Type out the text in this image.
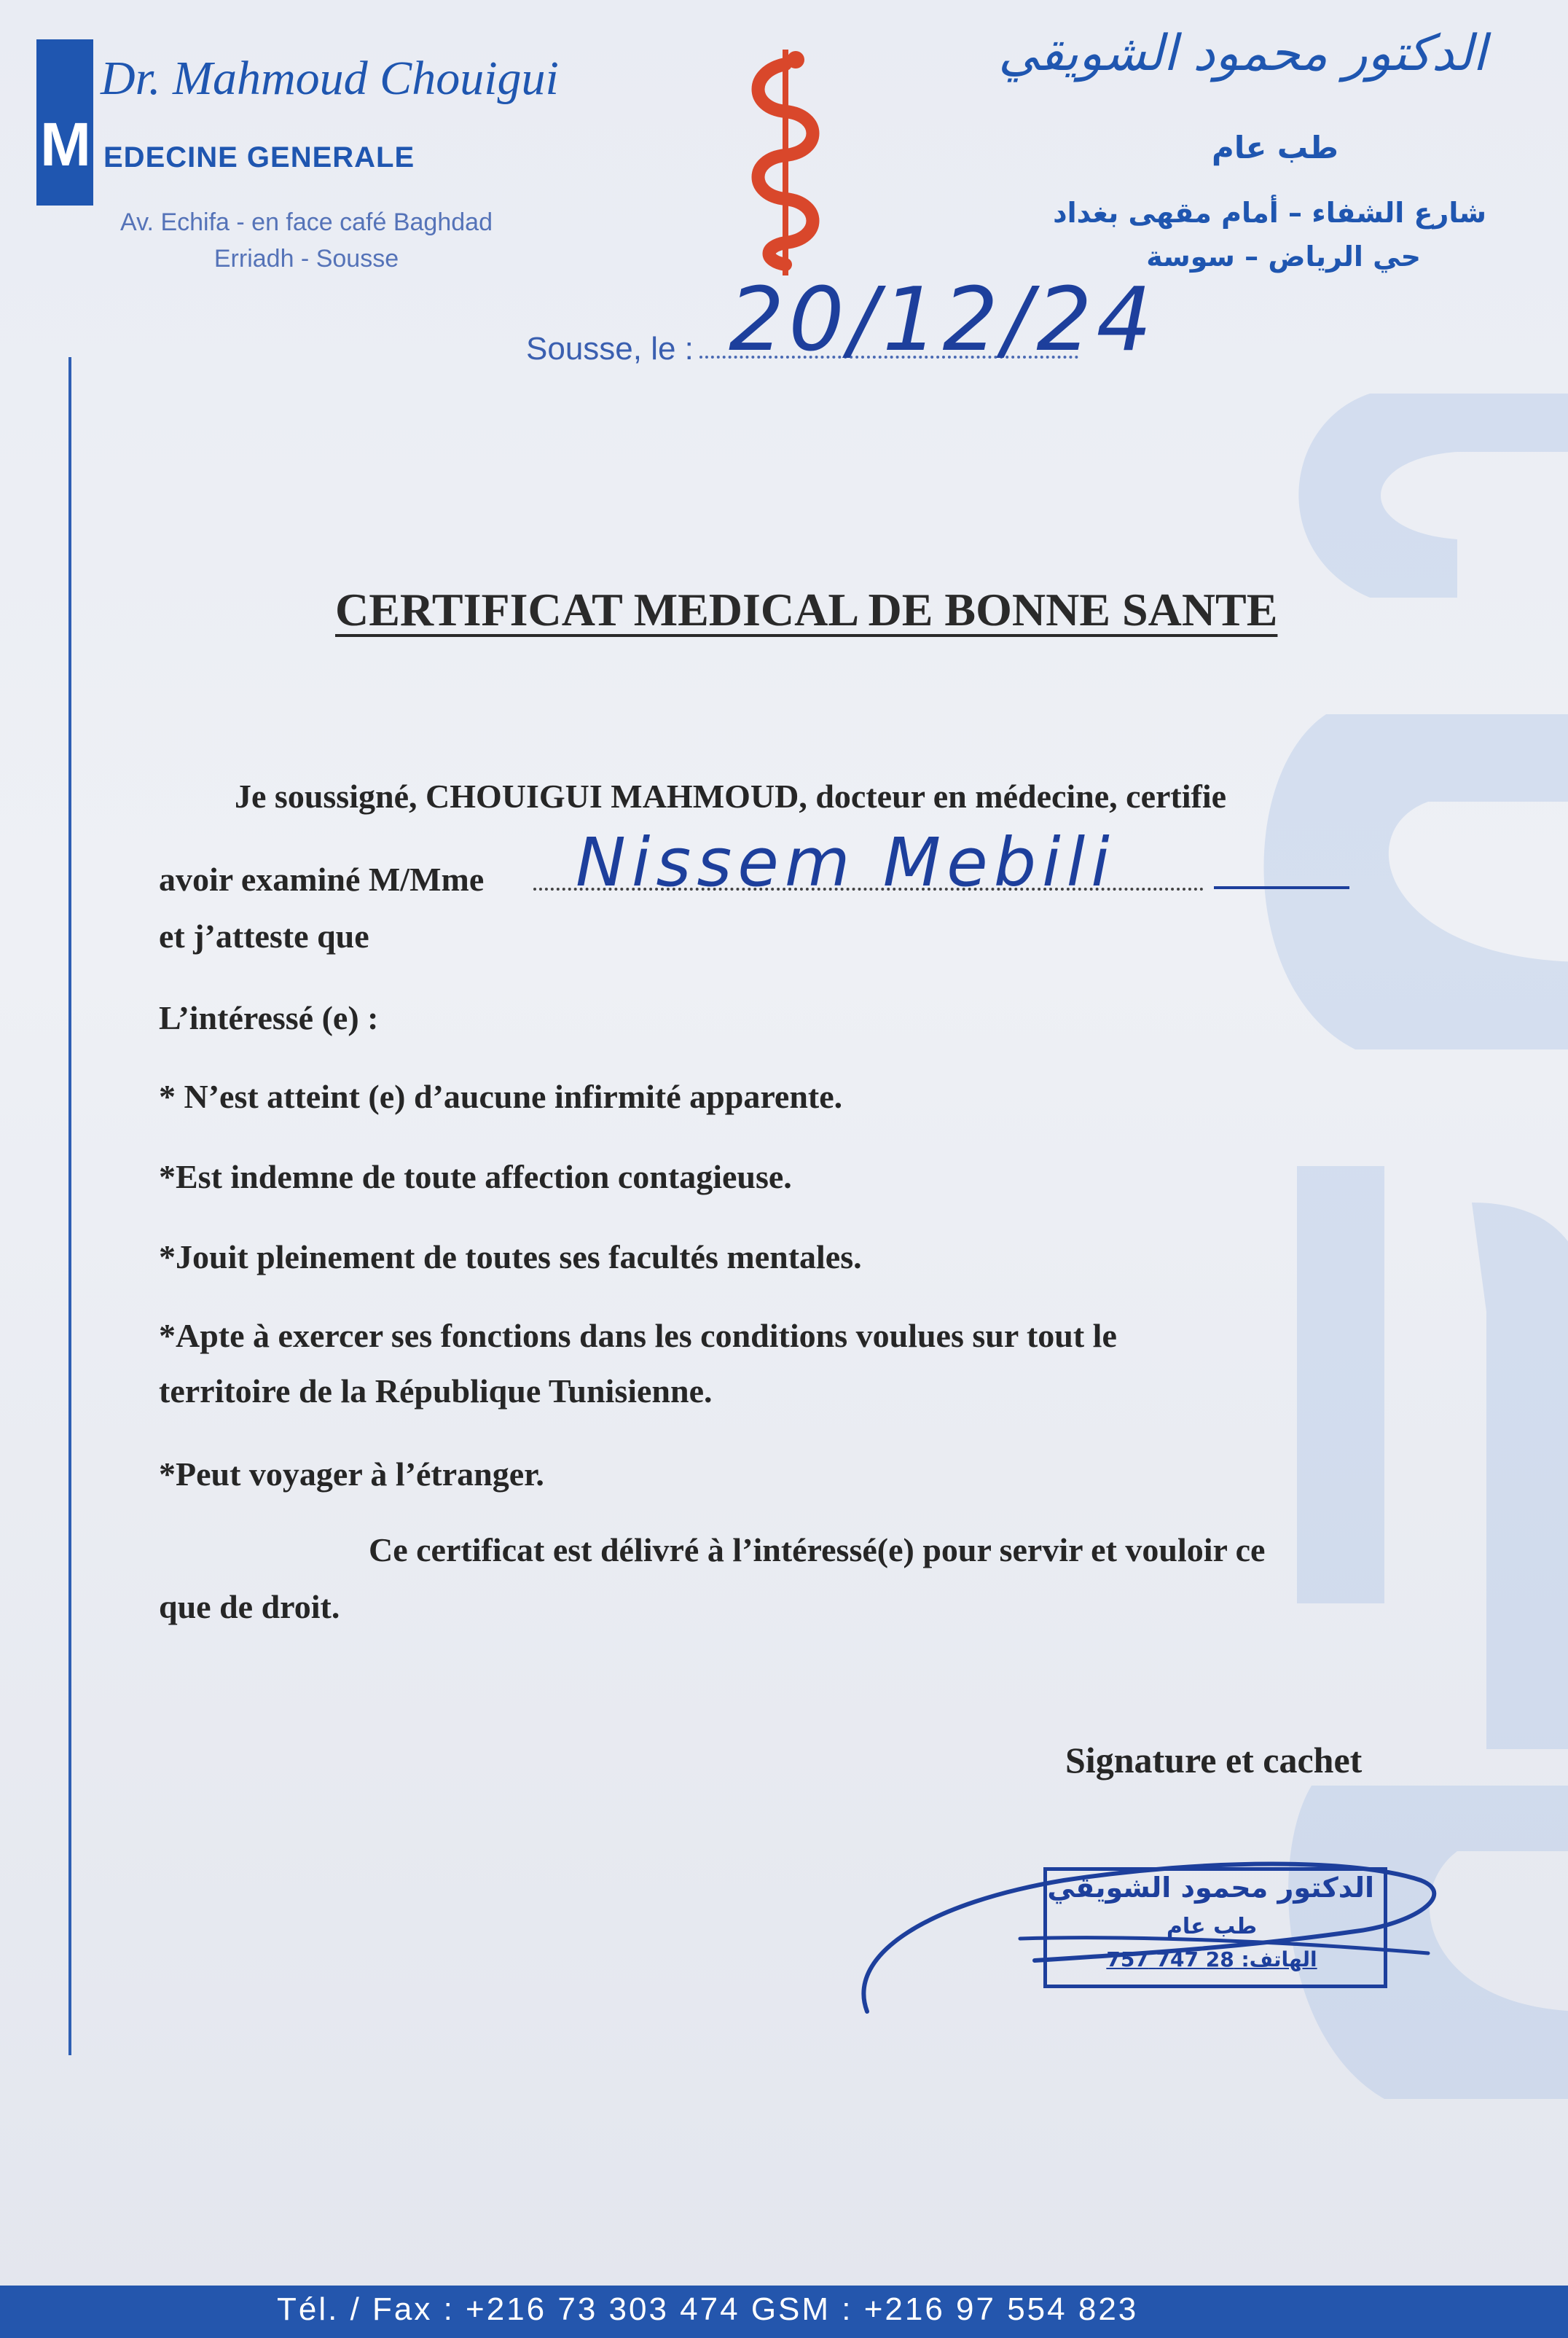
M
Dr. Mahmoud Chouigui
EDECINE GENERALE
Av. Echifa - en face café Baghdad
Erriadh - Sousse
الدكتور محمود الشويقي
طب عام
شارع الشفاء – أمام مقهى بغداد
حي الرياض – سوسة
Sousse, le : 20/12/24
CERTIFICAT MEDICAL DE BONNE SANTE
Je soussigné, CHOUIGUI MAHMOUD, docteur en médecine, certifie
avoir examiné M/Mme Nissem Mebili
et j’atteste que
L’intéressé (e) :
* N’est atteint (e) d’aucune infirmité apparente.
*Est indemne de toute affection contagieuse.
*Jouit pleinement de toutes ses facultés mentales.
*Apte à exercer ses fonctions dans les conditions voulues sur tout le
territoire de la République Tunisienne.
*Peut voyager à l’étranger.
Ce certificat est délivré à l’intéressé(e) pour servir et vouloir ce
que de droit.
Signature et cachet
الدكتور محمود الشويقي
طب عام
الهاتف: 28 747 757
Tél. / Fax : +216 73 303 474 GSM : +216 97 554 823
